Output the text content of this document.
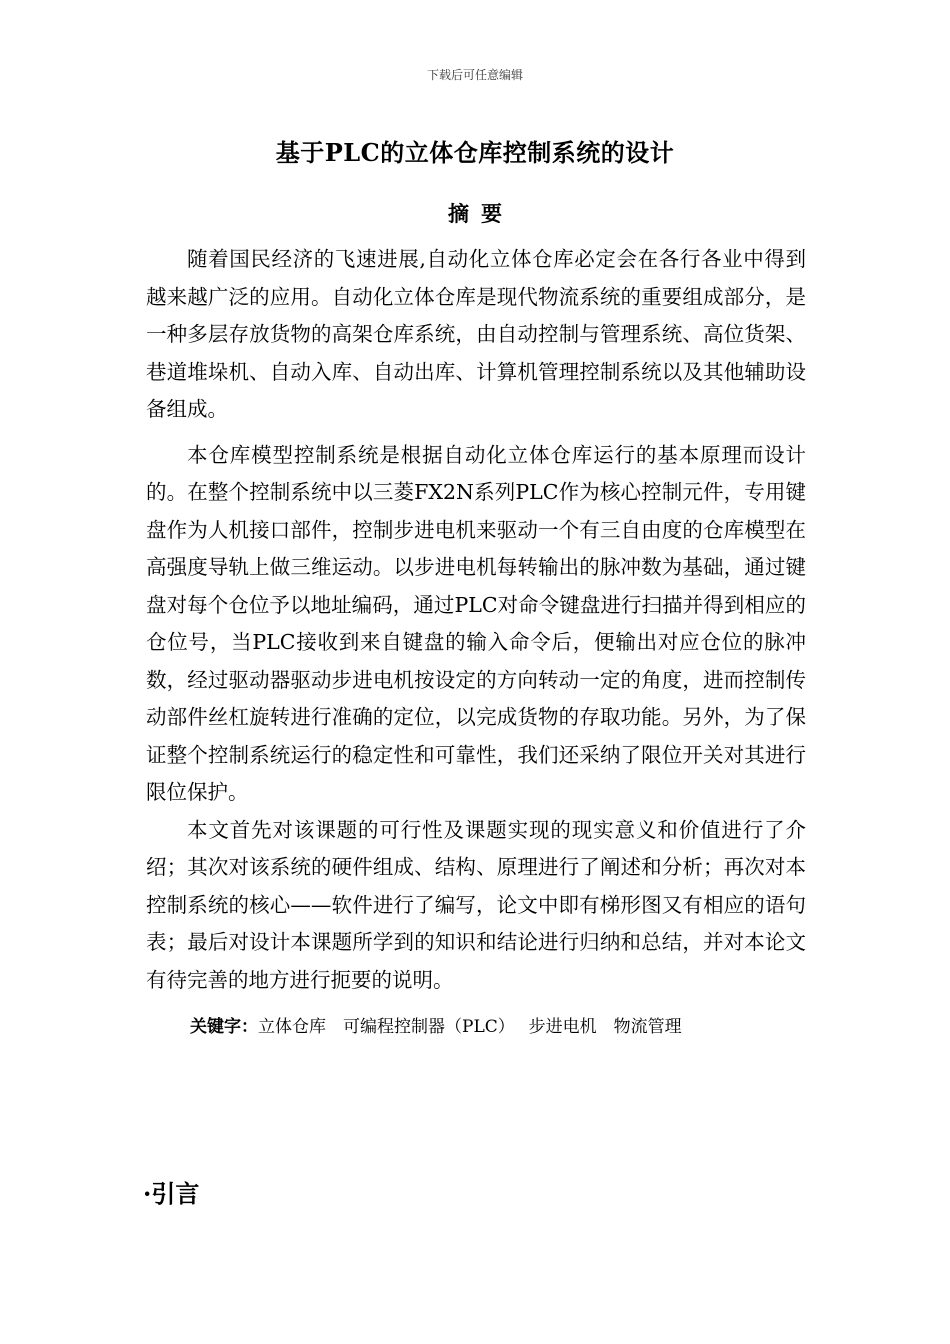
下载后可任意编辑
基于PLC的立体仓库控制系统的设计
摘要

随着国民经济的飞速进展,自动化立体仓库必定会在各行各业中得到越来越广泛的应用。自动化立体仓库是现代物流系统的重要组成部分，是一种多层存放货物的高架仓库系统，由自动控制与管理系统、高位货架、巷道堆垛机、自动入库、自动出库、计算机管理控制系统以及其他辅助设备组成。

本仓库模型控制系统是根据自动化立体仓库运行的基本原理而设计的。在整个控制系统中以三菱FX2N系列PLC作为核心控制元件，专用键盘作为人机接口部件，控制步进电机来驱动一个有三自由度的仓库模型在高强度导轨上做三维运动。以步进电机每转输出的脉冲数为基础，通过键盘对每个仓位予以地址编码，通过PLC对命令键盘进行扫描并得到相应的仓位号，当PLC接收到来自键盘的输入命令后，便输出对应仓位的脉冲数，经过驱动器驱动步进电机按设定的方向转动一定的角度，进而控制传动部件丝杠旋转进行准确的定位，以完成货物的存取功能。另外，为了保证整个控制系统运行的稳定性和可靠性，我们还采纳了限位开关对其进行限位保护。

本文首先对该课题的可行性及课题实现的现实意义和价值进行了介绍；其次对该系统的硬件组成、结构、原理进行了阐述和分析；再次对本控制系统的核心——软件进行了编写，论文中即有梯形图又有相应的语句表；最后对设计本课题所学到的知识和结论进行归纳和总结，并对本论文有待完善的地方进行扼要的说明。

关键字：立体仓库　可编程控制器（PLC）　 步进电机　物流管理
·引言
